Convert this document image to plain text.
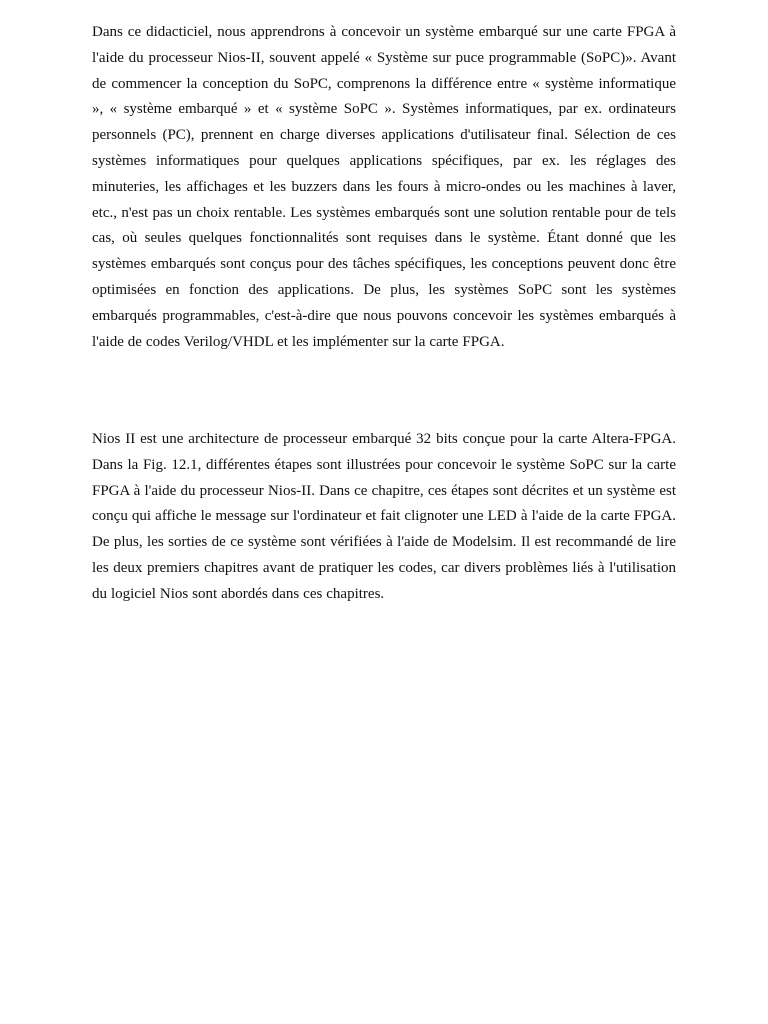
Dans ce didacticiel, nous apprendrons à concevoir un système embarqué sur une carte FPGA à l'aide du processeur Nios-II, souvent appelé « Système sur puce programmable (SoPC)». Avant de commencer la conception du SoPC, comprenons la différence entre « système informatique », « système embarqué » et « système SoPC ». Systèmes informatiques, par ex. ordinateurs personnels (PC), prennent en charge diverses applications d'utilisateur final. Sélection de ces systèmes informatiques pour quelques applications spécifiques, par ex. les réglages des minuteries, les affichages et les buzzers dans les fours à micro-ondes ou les machines à laver, etc., n'est pas un choix rentable. Les systèmes embarqués sont une solution rentable pour de tels cas, où seules quelques fonctionnalités sont requises dans le système. Étant donné que les systèmes embarqués sont conçus pour des tâches spécifiques, les conceptions peuvent donc être optimisées en fonction des applications. De plus, les systèmes SoPC sont les systèmes embarqués programmables, c'est-à-dire que nous pouvons concevoir les systèmes embarqués à l'aide de codes Verilog/VHDL et les implémenter sur la carte FPGA.

Nios II est une architecture de processeur embarqué 32 bits conçue pour la carte Altera-FPGA. Dans la Fig. 12.1, différentes étapes sont illustrées pour concevoir le système SoPC sur la carte FPGA à l'aide du processeur Nios-II. Dans ce chapitre, ces étapes sont décrites et un système est conçu qui affiche le message sur l'ordinateur et fait clignoter une LED à l'aide de la carte FPGA. De plus, les sorties de ce système sont vérifiées à l'aide de Modelsim. Il est recommandé de lire les deux premiers chapitres avant de pratiquer les codes, car divers problèmes liés à l'utilisation du logiciel Nios sont abordés dans ces chapitres.
